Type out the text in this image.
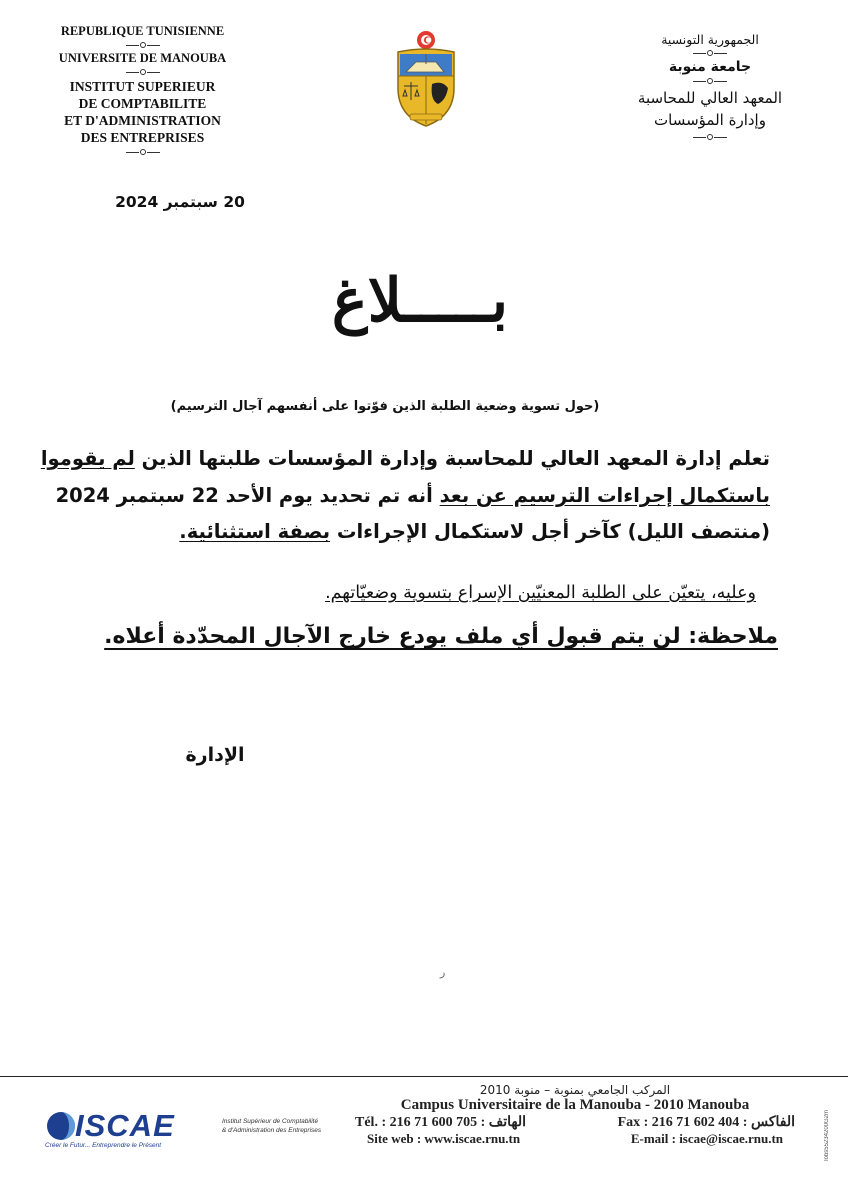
REPUBLIQUE TUNISIENNE
UNIVERSITE DE MANOUBA
INSTITUT SUPERIEUR
DE COMPTABILITE
ET D'ADMINISTRATION
DES ENTREPRISES
الجمهورية التونسية
جامعة منوبة
المعهد العالي للمحاسبة
وإدارة المؤسسات
20 سبتمبر 2024
بـــــلاغ
(حول تسوية وضعية الطلبة الذين فوّتوا على أنفسهم آجال الترسيم)
تعلم إدارة المعهد العالي للمحاسبة وإدارة المؤسسات طلبتها الذين لم يقوموا
باستكمال إجراءات الترسيم عن بعد أنه تم تحديد يوم الأحد 22 سبتمبر 2024
(منتصف الليل) كآخر أجل لاستكمال الإجراءات بصفة استثنائية.
وعليه، يتعيّن على الطلبة المعنيّين الإسراع بتسوية وضعيّاتهم.
ملاحظة: لن يتم قبول أي ملف يودع خارج الآجال المحدّدة أعلاه.
الإدارة
ر
ISCAE
Créer le Futur... Entreprendre le Présent
Institut Supérieur de Comptabilité
& d'Administration des Entreprises
المركب الجامعي بمنوبة – منوبة 2010
Campus Universitaire de la Manouba - 2010 Manouba
Tél. : 216 71 600 705 : الهاتف	Fax : 216 71 602 404 : الفاكس
Site web : www.iscae.rnu.tn	E-mail : iscae@iscae.rnu.tn	Iobs55234200G2m
